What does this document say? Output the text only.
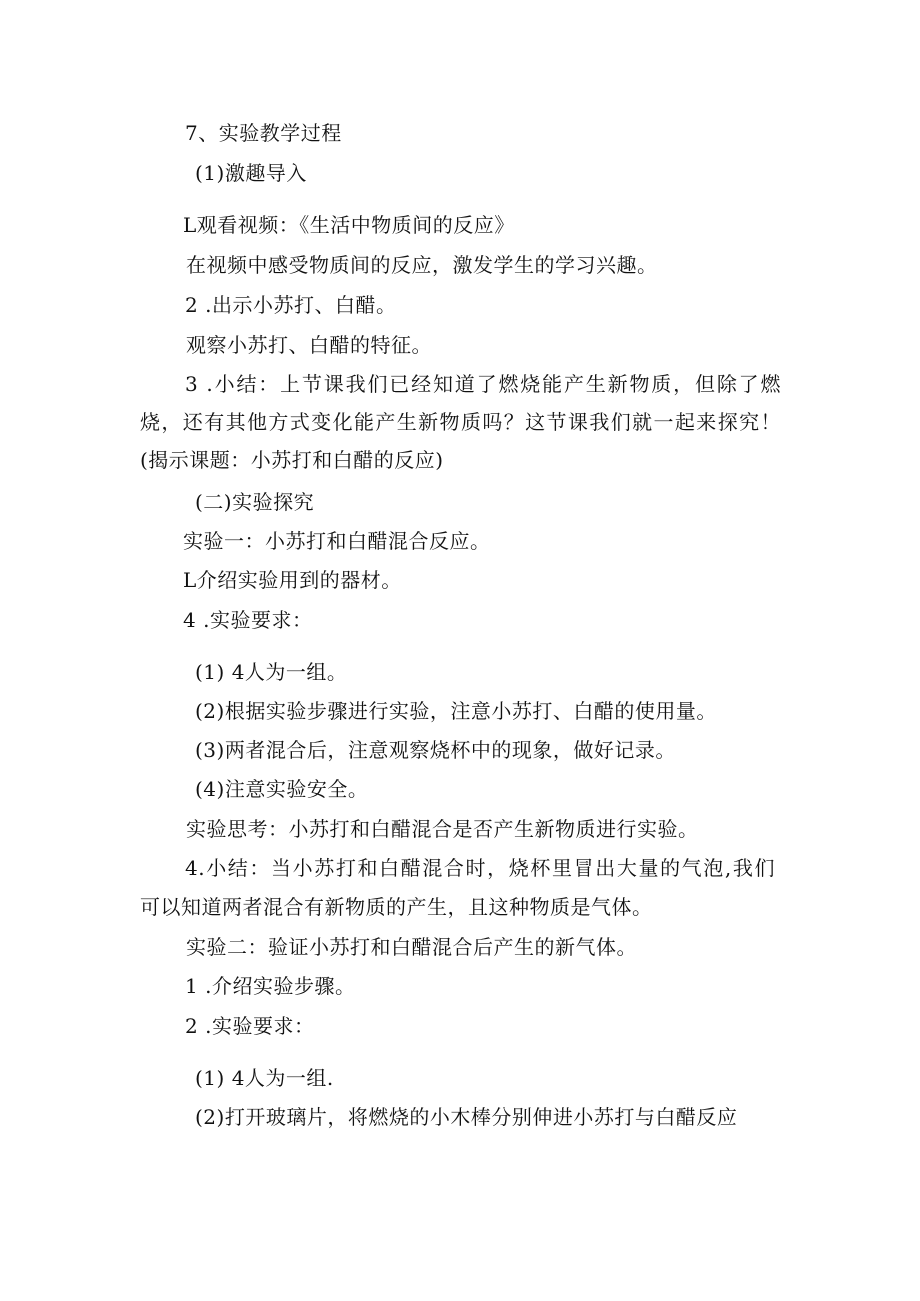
7、实验教学过程
(1)激趣导入
L观看视频：《生活中物质间的反应》
在视频中感受物质间的反应，激发学生的学习兴趣。
2 .出示小苏打、白醋。
观察小苏打、白醋的特征。
3 .小结：上节课我们已经知道了燃烧能产生新物质，但除了燃
烧，还有其他方式变化能产生新物质吗？这节课我们就一起来探究！
(揭示课题：小苏打和白醋的反应)
(二)实验探究
实验一：小苏打和白醋混合反应。
L介绍实验用到的器材。
4 .实验要求：
(1) 4人为一组。
(2)根据实验步骤进行实验，注意小苏打、白醋的使用量。
(3)两者混合后，注意观察烧杯中的现象，做好记录。
(4)注意实验安全。
实验思考：小苏打和白醋混合是否产生新物质进行实验。
4.小结：当小苏打和白醋混合时，烧杯里冒出大量的气泡,我们
可以知道两者混合有新物质的产生，且这种物质是气体。
实验二：验证小苏打和白醋混合后产生的新气体。
1 .介绍实验步骤。
2 .实验要求：
(1) 4人为一组.
(2)打开玻璃片，将燃烧的小木棒分别伸进小苏打与白醋反应
